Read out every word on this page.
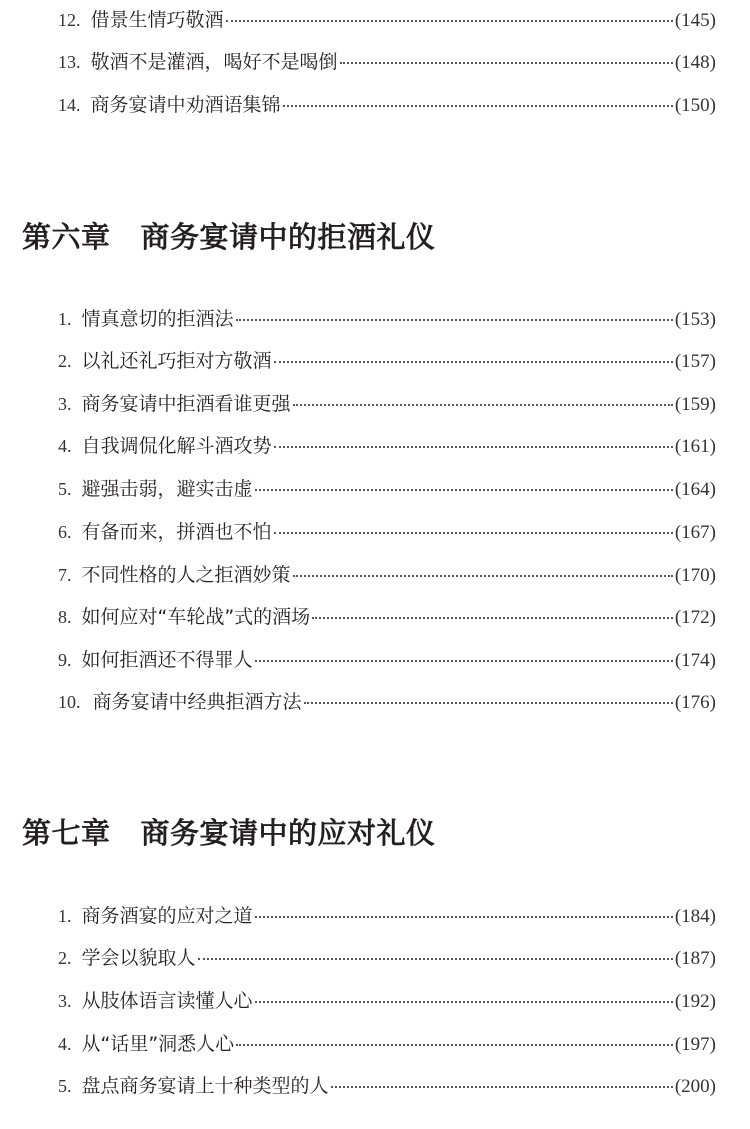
12. 借景生情巧敬酒	(145)
13. 敬酒不是灌酒，喝好不是喝倒	(148)
14. 商务宴请中劝酒语集锦	(150)
第六章 商务宴请中的拒酒礼仪
1. 情真意切的拒酒法	(153)
2. 以礼还礼巧拒对方敬酒	(157)
3. 商务宴请中拒酒看谁更强	(159)
4. 自我调侃化解斗酒攻势	(161)
5. 避强击弱，避实击虚	(164)
6. 有备而来，拼酒也不怕	(167)
7. 不同性格的人之拒酒妙策	(170)
8. 如何应对“车轮战”式的酒场	(172)
9. 如何拒酒还不得罪人	(174)
10. 商务宴请中经典拒酒方法	(176)
第七章 商务宴请中的应对礼仪
1. 商务酒宴的应对之道	(184)
2. 学会以貌取人	(187)
3. 从肢体语言读懂人心	(192)
4. 从“话里”洞悉人心	(197)
5. 盘点商务宴请上十种类型的人	(200)
